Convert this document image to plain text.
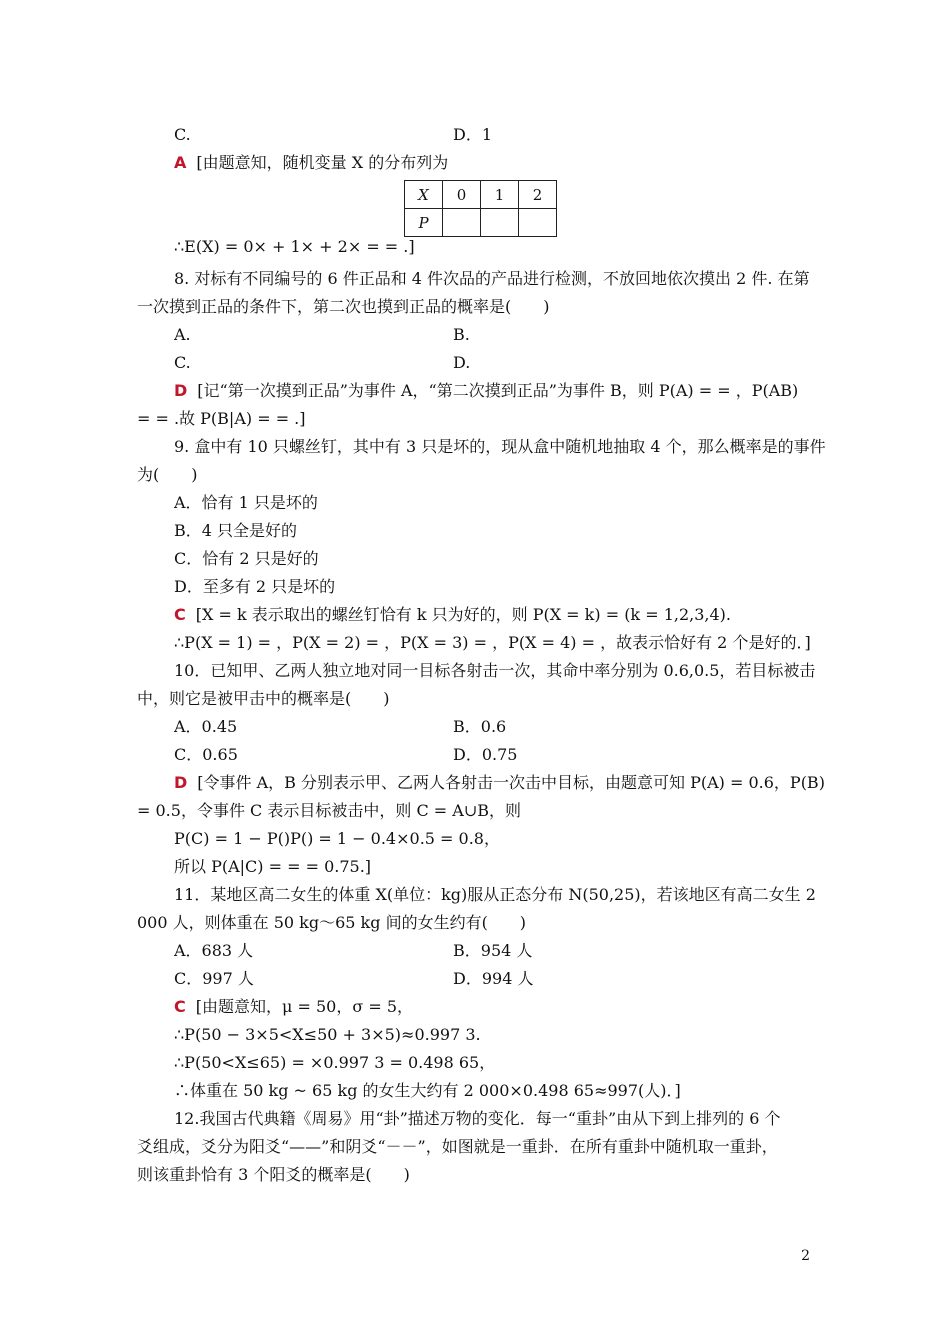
C.	D．1
A [由题意知，随机变量 X 的分布列为
X	0	1	2
P			
∴E(X) = 0× + 1× + 2× = = .]
8. 对标有不同编号的 6 件正品和 4 件次品的产品进行检测，不放回地依次摸出 2 件. 在第
一次摸到正品的条件下，第二次也摸到正品的概率是(　　)
A.	B.
C.	D.
D [记“第一次摸到正品”为事件 A，“第二次摸到正品”为事件 B，则 P(A) = = ，P(AB)
= = .故 P(B|A) = = .]
9. 盒中有 10 只螺丝钉，其中有 3 只是坏的，现从盒中随机地抽取 4 个，那么概率是的事件
为(　　)
A．恰有 1 只是坏的
B．4 只全是好的
C．恰有 2 只是好的
D．至多有 2 只是坏的
C [X = k 表示取出的螺丝钉恰有 k 只为好的，则 P(X = k) = (k = 1,2,3,4).
∴P(X = 1) = ，P(X = 2) = ，P(X = 3) = ，P(X = 4) = ，故表示恰好有 2 个是好的．]
10．已知甲、乙两人独立地对同一目标各射击一次，其命中率分别为 0.6,0.5，若目标被击
中，则它是被甲击中的概率是(　　)
A．0.45	B．0.6
C．0.65	D．0.75
D [令事件 A，B 分别表示甲、乙两人各射击一次击中目标，由题意可知 P(A) = 0.6，P(B)
= 0.5，令事件 C 表示目标被击中，则 C = A∪B，则
P(C) = 1 − P()P() = 1 − 0.4×0.5 = 0.8，
所以 P(A|C) = = = 0.75.]
11．某地区高二女生的体重 X(单位：kg)服从正态分布 N(50,25)，若该地区有高二女生 2
000 人，则体重在 50 kg～65 kg 间的女生约有(　　)
A．683 人	B．954 人
C．997 人	D．994 人
C [由题意知，μ = 50，σ = 5，
∴P(50 − 3×5<X≤50 + 3×5)≈0.997 3.
∴P(50<X≤65) = ×0.997 3 = 0.498 65，
∴体重在 50 kg ~ 65 kg 的女生大约有 2 000×0.498 65≈997(人)．]
12.我国古代典籍《周易》用“卦”描述万物的变化．每一“重卦”由从下到上排列的 6 个
爻组成，爻分为阳爻“——”和阴爻“－－”，如图就是一重卦．在所有重卦中随机取一重卦，
则该重卦恰有 3 个阳爻的概率是(　　)
2
